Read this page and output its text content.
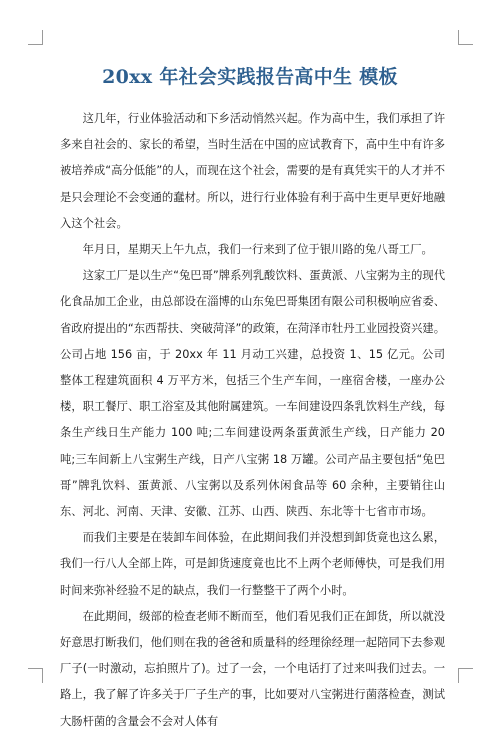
20xx 年社会实践报告高中生 模板

这几年，行业体验活动和下乡活动悄然兴起。作为高中生，我们承担了许多来自社会的、家长的希望，当时生活在中国的应试教育下，高中生中有许多被培养成“高分低能”的人，而现在这个社会，需要的是有真凭实干的人才并不是只会理论不会变通的蠢材。所以，进行行业体验有利于高中生更早更好地融入这个社会。

年月日，星期天上午九点，我们一行来到了位于银川路的兔八哥工厂。

这家工厂是以生产“兔巴哥”牌系列乳酸饮料、蛋黄派、八宝粥为主的现代化食品加工企业，由总部设在淄博的山东兔巴哥集团有限公司积极响应省委、省政府提出的“东西帮扶、突破菏泽”的政策，在菏泽市牡丹工业园投资兴建。公司占地 156 亩，于 20xx 年 11 月动工兴建，总投资 1、15 亿元。公司整体工程建筑面积 4 万平方米，包括三个生产车间，一座宿舍楼，一座办公楼，职工餐厅、职工浴室及其他附属建筑。一车间建设四条乳饮料生产线，每条生产线日生产能力 100 吨;二车间建设两条蛋黄派生产线，日产能力 20 吨;三车间新上八宝粥生产线，日产八宝粥 18 万罐。公司产品主要包括“兔巴哥”牌乳饮料、蛋黄派、八宝粥以及系列休闲食品等 60 余种，主要销往山东、河北、河南、天津、安徽、江苏、山西、陕西、东北等十七省市市场。

而我们主要是在装卸车间体验，在此期间我们并没想到卸货竟也这么累，我们一行八人全部上阵，可是卸货速度竟也比不上两个老师傅快，可是我们用时间来弥补经验不足的缺点，我们一行整整干了两个小时。

在此期间，级部的检查老师不断而至，他们看见我们正在卸货，所以就没好意思打断我们，他们则在我的爸爸和质量科的经理徐经理一起陪同下去参观厂子(一时激动，忘拍照片了)。过了一会，一个电话打了过来叫我们过去。一路上，我了解了许多关于厂子生产的事，比如要对八宝粥进行菌落检查，测试大肠杆菌的含量会不会对人体有
